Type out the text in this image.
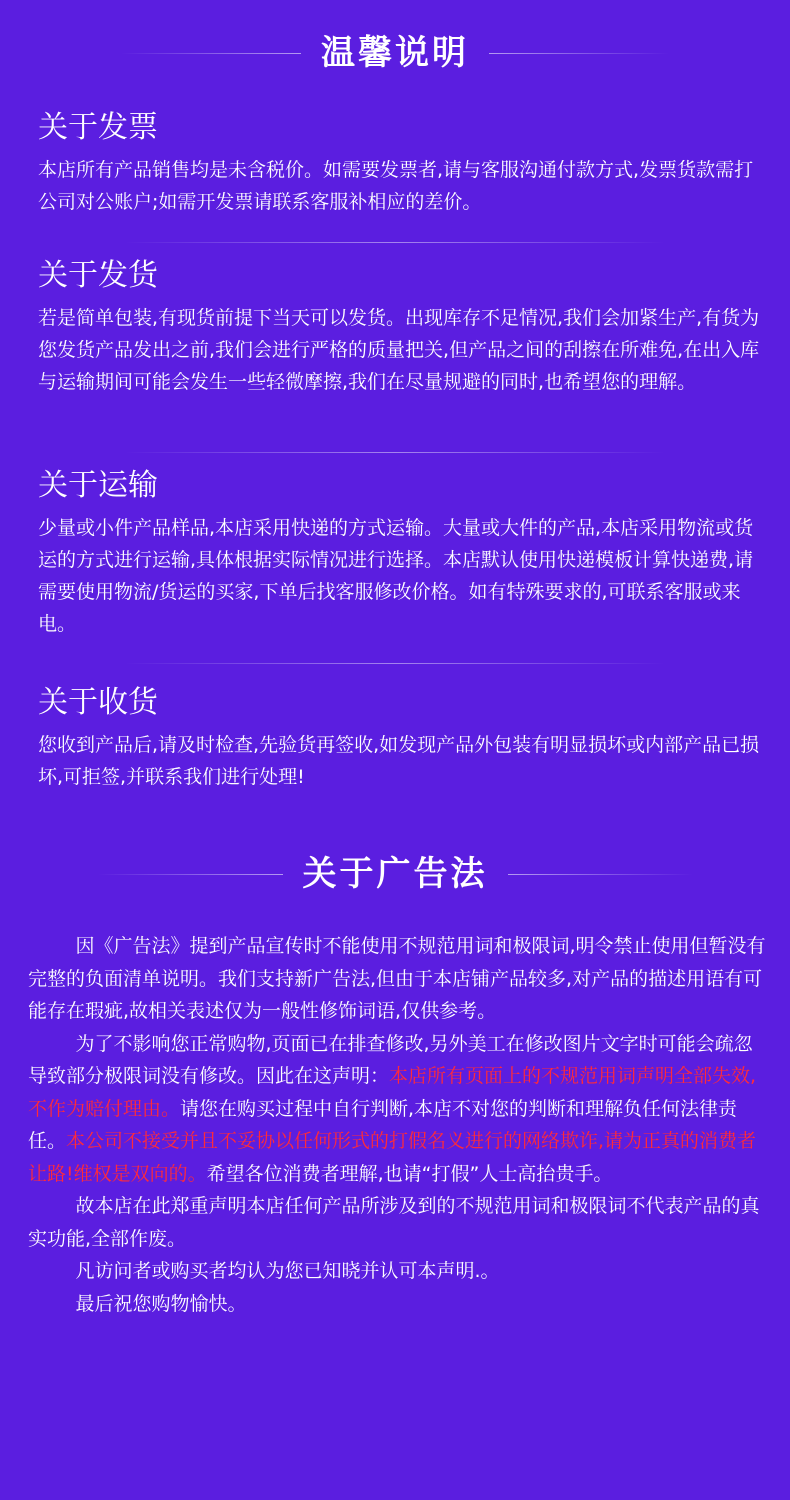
温馨说明
关于发票

本店所有产品销售均是未含税价。如需要发票者,请与客服沟通付款方式,发票货款需打公司对公账户;如需开发票请联系客服补相应的差价。

关于发货

若是简单包装,有现货前提下当天可以发货。出现库存不足情况,我们会加紧生产,有货为您发货产品发出之前,我们会进行严格的质量把关,但产品之间的刮擦在所难免,在出入库与运输期间可能会发生一些轻微摩擦,我们在尽量规避的同时,也希望您的理解。

关于运输

少量或小件产品样品,本店采用快递的方式运输。大量或大件的产品,本店采用物流或货运的方式进行运输,具体根据实际情况进行选择。本店默认使用快递模板计算快递费,请需要使用物流/货运的买家,下单后找客服修改价格。如有特殊要求的,可联系客服或来电。

关于收货

您收到产品后,请及时检查,先验货再签收,如发现产品外包装有明显损坏或内部产品已损坏,可拒签,并联系我们进行处理!

关于广告法

因《广告法》提到产品宣传时不能使用不规范用词和极限词,明令禁止使用但暂没有完整的负面清单说明。我们支持新广告法,但由于本店铺产品较多,对产品的描述用语有可能存在瑕疵,故相关表述仅为一般性修饰词语,仅供参考。

为了不影响您正常购物,页面已在排查修改,另外美工在修改图片文字时可能会疏忽导致部分极限词没有修改。因此在这声明：本店所有页面上的不规范用词声明全部失效,不作为赔付理由。请您在购买过程中自行判断,本店不对您的判断和理解负任何法律责任。本公司不接受并且不妥协以任何形式的打假名义进行的网络欺诈,请为正真的消费者让路!维权是双向的。希望各位消费者理解,也请“打假”人士高抬贵手。

故本店在此郑重声明本店任何产品所涉及到的不规范用词和极限词不代表产品的真实功能,全部作废。

凡访问者或购买者均认为您已知晓并认可本声明.。

最后祝您购物愉快。
